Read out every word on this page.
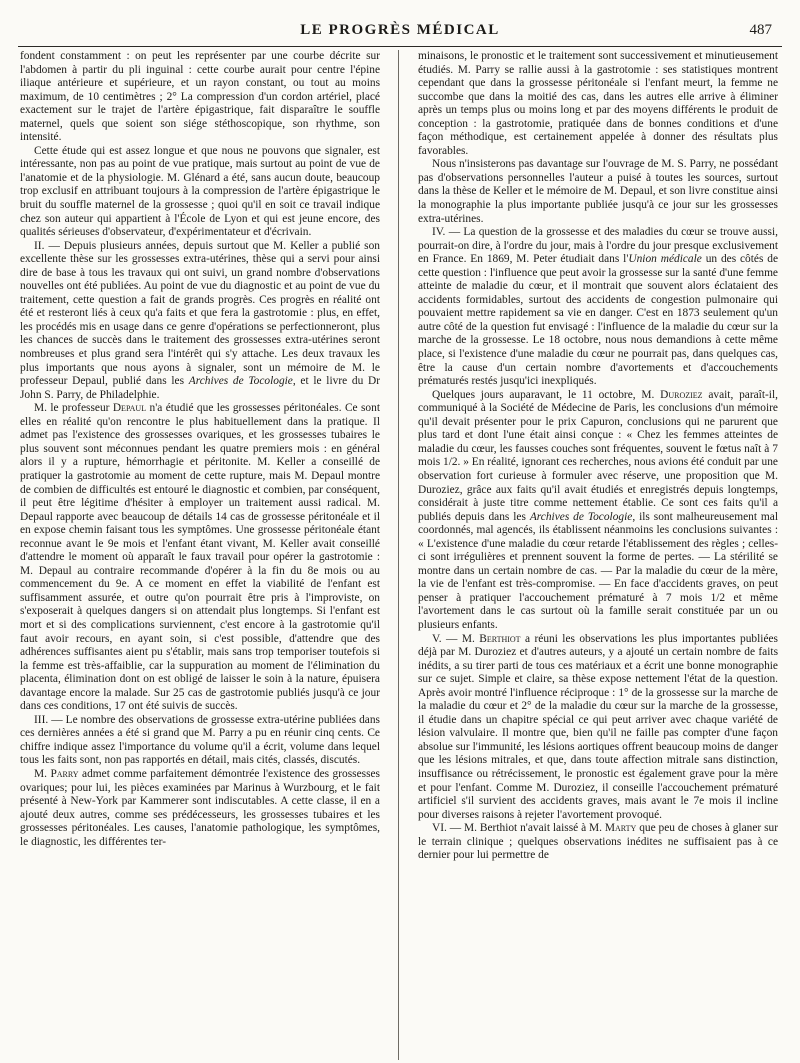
LE PROGRÈS MÉDICAL	487

fondent constamment : on peut les représenter par une courbe décrite sur l'abdomen à partir du pli inguinal : cette courbe aurait pour centre l'épine iliaque antérieure et supérieure, et un rayon constant, ou tout au moins maximum, de 10 centimètres ; 2° La compression d'un cordon artériel, placé exactement sur le trajet de l'artère épigastrique, fait disparaître le souffle maternel, quels que soient son siége stéthoscopique, son rhythme, son intensité.

Cette étude qui est assez longue et que nous ne pouvons que signaler, est intéressante, non pas au point de vue pratique, mais surtout au point de vue de l'anatomie et de la physiologie. M. Glénard a été, sans aucun doute, beaucoup trop exclusif en attribuant toujours à la compression de l'artère épigastrique le bruit du souffle maternel de la grossesse ; quoi qu'il en soit ce travail indique chez son auteur qui appartient à l'École de Lyon et qui est jeune encore, des qualités sérieuses d'observateur, d'expérimentateur et d'écrivain.

II. — Depuis plusieurs années, depuis surtout que M. Keller a publié son excellente thèse sur les grossesses extra-utérines, thèse qui a servi pour ainsi dire de base à tous les travaux qui ont suivi, un grand nombre d'observations nouvelles ont été publiées. Au point de vue du diagnostic et au point de vue du traitement, cette question a fait de grands progrès. Ces progrès en réalité ont été et resteront liés à ceux qu'a faits et que fera la gastrotomie : plus, en effet, les procédés mis en usage dans ce genre d'opérations se perfectionneront, plus les chances de succès dans le traitement des grossesses extra-utérines seront nombreuses et plus grand sera l'intérêt qui s'y attache. Les deux travaux les plus importants que nous ayons à signaler, sont un mémoire de M. le professeur Depaul, publié dans les Archives de Tocologie, et le livre du Dr John S. Parry, de Philadelphie.

M. le professeur Depaul n'a étudié que les grossesses péritonéales. Ce sont elles en réalité qu'on rencontre le plus habituellement dans la pratique. Il admet pas l'existence des grossesses ovariques, et les grossesses tubaires le plus souvent sont méconnues pendant les quatre premiers mois : en général alors il y a rupture, hémorrhagie et péritonite. M. Keller a conseillé de pratiquer la gastrotomie au moment de cette rupture, mais M. Depaul montre de combien de difficultés est entouré le diagnostic et combien, par conséquent, il peut être légitime d'hésiter à employer un traitement aussi radical. M. Depaul rapporte avec beaucoup de détails 14 cas de grossesse péritonéale et il en expose chemin faisant tous les symptômes. Une grossesse péritonéale étant reconnue avant le 9e mois et l'enfant étant vivant, M. Keller avait conseillé d'attendre le moment où apparaît le faux travail pour opérer la gastrotomie : M. Depaul au contraire recommande d'opérer à la fin du 8e mois ou au commencement du 9e. A ce moment en effet la viabilité de l'enfant est suffisamment assurée, et outre qu'on pourrait être pris à l'improviste, on s'exposerait à quelques dangers si on attendait plus longtemps. Si l'enfant est mort et si des complications surviennent, c'est encore à la gastrotomie qu'il faut avoir recours, en ayant soin, si c'est possible, d'attendre que des adhérences suffisantes aient pu s'établir, mais sans trop temporiser toutefois si la femme est très-affaiblie, car la suppuration au moment de l'élimination du placenta, élimination dont on est obligé de laisser le soin à la nature, épuisera davantage encore la malade. Sur 25 cas de gastrotomie publiés jusqu'à ce jour dans ces conditions, 17 ont été suivis de succès.

III. — Le nombre des observations de grossesse extra-utérine publiées dans ces dernières années a été si grand que M. Parry a pu en réunir cinq cents. Ce chiffre indique assez l'importance du volume qu'il a écrit, volume dans lequel tous les faits sont, non pas rapportés en détail, mais cités, classés, discutés.

M. Parry admet comme parfaitement démontrée l'existence des grossesses ovariques; pour lui, les pièces examinées par Marinus à Wurzbourg, et le fait présenté à New-York par Kammerer sont indiscutables. A cette classe, il en a ajouté deux autres, comme ses prédécesseurs, les grossesses tubaires et les grossesses péritonéales. Les causes, l'anatomie pathologique, les symptômes, le diagnostic, les différentes ter-

minaisons, le pronostic et le traitement sont successivement et minutieusement étudiés. M. Parry se rallie aussi à la gastrotomie : ses statistiques montrent cependant que dans la grossesse péritonéale si l'enfant meurt, la femme ne succombe que dans la moitié des cas, dans les autres elle arrive à éliminer après un temps plus ou moins long et par des moyens différents le produit de conception : la gastrotomie, pratiquée dans de bonnes conditions et d'une façon méthodique, est certainement appelée à donner des résultats plus favorables.

Nous n'insisterons pas davantage sur l'ouvrage de M. S. Parry, ne possédant pas d'observations personnelles l'auteur a puisé à toutes les sources, surtout dans la thèse de Keller et le mémoire de M. Depaul, et son livre constitue ainsi la monographie la plus importante publiée jusqu'à ce jour sur les grossesses extra-utérines.

IV. — La question de la grossesse et des maladies du cœur se trouve aussi, pourrait-on dire, à l'ordre du jour, mais à l'ordre du jour presque exclusivement en France. En 1869, M. Peter étudiait dans l'Union médicale un des côtés de cette question : l'influence que peut avoir la grossesse sur la santé d'une femme atteinte de maladie du cœur, et il montrait que souvent alors éclataient des accidents formidables, surtout des accidents de congestion pulmonaire qui pouvaient mettre rapidement sa vie en danger. C'est en 1873 seulement qu'un autre côté de la question fut envisagé : l'influence de la maladie du cœur sur la marche de la grossesse. Le 18 octobre, nous nous demandions à cette même place, si l'existence d'une maladie du cœur ne pourrait pas, dans quelques cas, être la cause d'un certain nombre d'avortements et d'accouchements prématurés restés jusqu'ici inexpliqués.

Quelques jours auparavant, le 11 octobre, M. Duroziez avait, paraît-il, communiqué à la Société de Médecine de Paris, les conclusions d'un mémoire qu'il devait présenter pour le prix Capuron, conclusions qui ne parurent que plus tard et dont l'une était ainsi conçue : « Chez les femmes atteintes de maladie du cœur, les fausses couches sont fréquentes, souvent le fœtus naît à 7 mois 1/2. » En réalité, ignorant ces recherches, nous avions été conduit par une observation fort curieuse à formuler avec réserve, une proposition que M. Duroziez, grâce aux faits qu'il avait étudiés et enregistrés depuis longtemps, considérait à juste titre comme nettement établie. Ce sont ces faits qu'il a publiés depuis dans les Archives de Tocologie, ils sont malheureusement mal coordonnés, mal agencés, ils établissent néanmoins les conclusions suivantes : « L'existence d'une maladie du cœur retarde l'établissement des règles ; celles-ci sont irrégulières et prennent souvent la forme de pertes. — La stérilité se montre dans un certain nombre de cas. — Par la maladie du cœur de la mère, la vie de l'enfant est très-compromise. — En face d'accidents graves, on peut penser à pratiquer l'accouchement prématuré à 7 mois 1/2 et même l'avortement dans le cas surtout où la famille serait constituée par un ou plusieurs enfants.

V. — M. Berthiot a réuni les observations les plus importantes publiées déjà par M. Duroziez et d'autres auteurs, y a ajouté un certain nombre de faits inédits, a su tirer parti de tous ces matériaux et a écrit une bonne monographie sur ce sujet. Simple et claire, sa thèse expose nettement l'état de la question. Après avoir montré l'influence réciproque : 1° de la grossesse sur la marche de la maladie du cœur et 2° de la maladie du cœur sur la marche de la grossesse, il étudie dans un chapitre spécial ce qui peut arriver avec chaque variété de lésion valvulaire. Il montre que, bien qu'il ne faille pas compter d'une façon absolue sur l'immunité, les lésions aortiques offrent beaucoup moins de danger que les lésions mitrales, et que, dans toute affection mitrale sans distinction, insuffisance ou rétrécissement, le pronostic est également grave pour la mère et pour l'enfant. Comme M. Duroziez, il conseille l'accouchement prématuré artificiel s'il survient des accidents graves, mais avant le 7e mois il incline pour diverses raisons à rejeter l'avortement provoqué.

VI. — M. Berthiot n'avait laissé à M. Marty que peu de choses à glaner sur le terrain clinique ; quelques observations inédites ne suffisaient pas à ce dernier pour lui permettre de
